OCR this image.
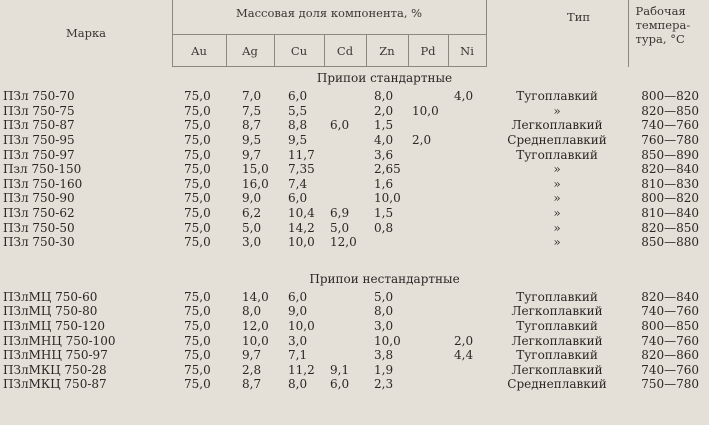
Марка	Массовая доля компонента, %							Тип	Рабочая
темпера-
тура, °С
	Au	Ag	Cu	Cd	Zn	Pd	Ni		
Припои стандартные									
ПЗл 750-70	75,0	7,0	6,0		8,0		4,0	Тугоплавкий	800—820
ПЗл 750-75	75,0	7,5	5,5		2,0	10,0		»	820—850
ПЗл 750-87	75,0	8,7	8,8	6,0	1,5			Легкоплавкий	740—760
ПЗл 750-95	75,0	9,5	9,5		4,0	2,0		Среднеплавкий	760—780
ПЗл 750-97	75,0	9,7	11,7		3,6			Тугоплавкий	850—890
Пзл 750-150	75,0	15,0	7,35		2,65			»	820—840
ПЗл 750-160	75,0	16,0	7,4		1,6			»	810—830
ПЗл 750-90	75,0	9,0	6,0		10,0			»	800—820
ПЗл 750-62	75,0	6,2	10,4	6,9	1,5			»	810—840
ПЗл 750-50	75,0	5,0	14,2	5,0	0,8			»	820—850
ПЗл 750-30	75,0	3,0	10,0	12,0				»	850—880

Припои нестандартные									
ПЗлМЦ 750-60	75,0	14,0	6,0		5,0			Тугоплавкий	820—840
ПЗлМЦ 750-80	75,0	8,0	9,0		8,0			Легкоплавкий	740—760
ПЗлМЦ 750-120	75,0	12,0	10,0		3,0			Тугоплавкий	800—850
ПЗлМНЦ 750-100	75,0	10,0	3,0		10,0		2,0	Легкоплавкий	740—760
ПЗлМНЦ 750-97	75,0	9,7	7,1		3,8		4,4	Тугоплавкий	820—860
ПЗлМКЦ 750-28	75,0	2,8	11,2	9,1	1,9			Легкоплавкий	740—760
ПЗлМКЦ 750-87	75,0	8,7	8,0	6,0	2,3			Среднеплавкий	750—780
